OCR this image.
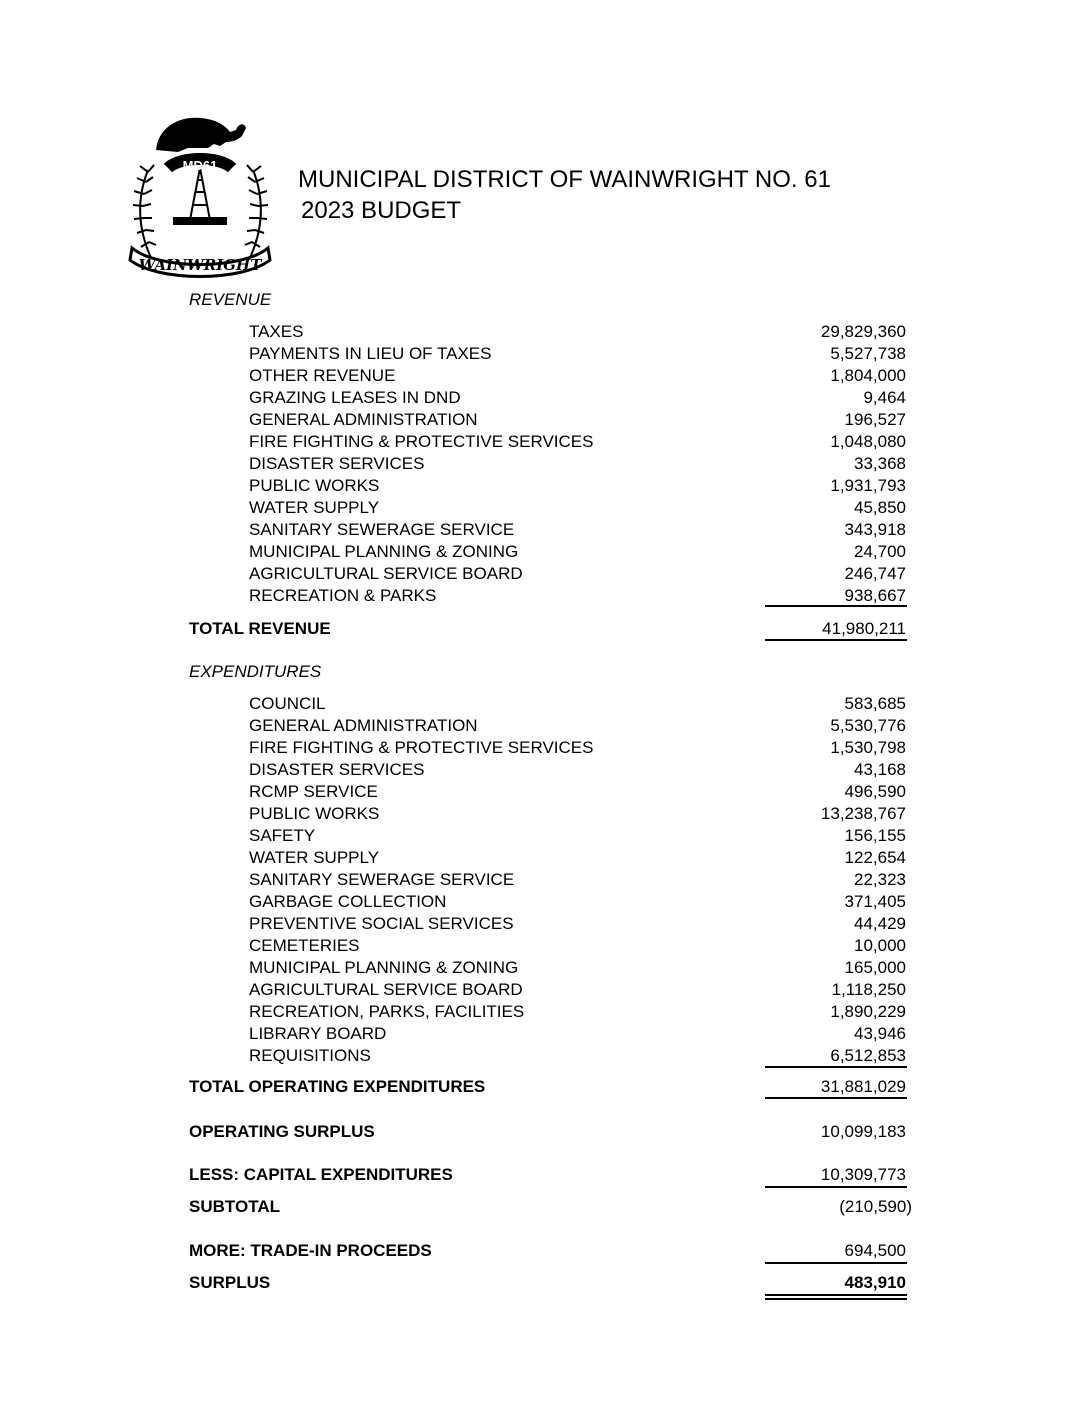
MD61
WAINWRIGHT
MUNICIPAL DISTRICT OF WAINWRIGHT NO. 61
2023 BUDGET
REVENUE
TAXES	29,829,360
PAYMENTS IN LIEU OF TAXES	5,527,738
OTHER REVENUE	1,804,000
GRAZING LEASES IN DND	9,464
GENERAL ADMINISTRATION	196,527
FIRE FIGHTING & PROTECTIVE SERVICES	1,048,080
DISASTER SERVICES	33,368
PUBLIC WORKS	1,931,793
WATER SUPPLY	45,850
SANITARY SEWERAGE SERVICE	343,918
MUNICIPAL PLANNING & ZONING	24,700
AGRICULTURAL SERVICE BOARD	246,747
RECREATION & PARKS	938,667
TOTAL REVENUE	41,980,211
EXPENDITURES
COUNCIL	583,685
GENERAL ADMINISTRATION	5,530,776
FIRE FIGHTING & PROTECTIVE SERVICES	1,530,798
DISASTER SERVICES	43,168
RCMP SERVICE	496,590
PUBLIC WORKS	13,238,767
SAFETY	156,155
WATER SUPPLY	122,654
SANITARY SEWERAGE SERVICE	22,323
GARBAGE COLLECTION	371,405
PREVENTIVE SOCIAL SERVICES	44,429
CEMETERIES	10,000
MUNICIPAL PLANNING & ZONING	165,000
AGRICULTURAL SERVICE BOARD	1,118,250
RECREATION, PARKS, FACILITIES	1,890,229
LIBRARY BOARD	43,946
REQUISITIONS	6,512,853
TOTAL OPERATING EXPENDITURES	31,881,029
OPERATING SURPLUS	10,099,183
LESS: CAPITAL EXPENDITURES	10,309,773
SUBTOTAL	(210,590)
MORE: TRADE-IN PROCEEDS	694,500
SURPLUS	483,910
